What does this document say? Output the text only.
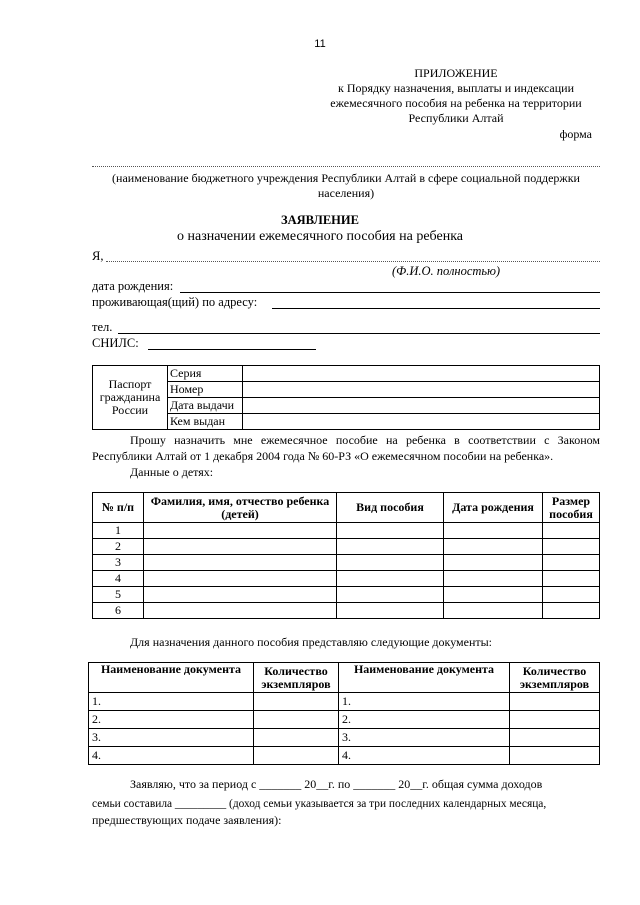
11
ПРИЛОЖЕНИЕ
к Порядку назначения, выплаты и индексации
ежемесячного пособия на ребенка на территории
Республики Алтай
форма
(наименование бюджетного учреждения Республики Алтай в сфере социальной поддержки населения)
ЗАЯВЛЕНИЕ
о назначении ежемесячного пособия на ребенка
Я,
(Ф.И.О. полностью)
дата рождения:
проживающая(щий) по адресу:
тел.
СНИЛС:
Паспорт гражданина России	Серия	
	Номер	
	Дата выдачи	
	Кем выдан	
Прошу назначить мне ежемесячное пособие на ребенка в соответствии с Законом Республики Алтай от 1 декабря 2004 года № 60-РЗ «О ежемесячном пособии на ребенка».
Данные о детях:
№ п/п	Фамилия, имя, отчество ребенка (детей)	Вид пособия	Дата рождения	Размер пособия
1				
2				
3				
4				
5				
6				
Для назначения данного пособия представляю следующие документы:
Наименование документа	Количество экземпляров	Наименование документа	Количество экземпляров
1.		1.	
2.		2.	
3.		3.	
4.		4.	
Заявляю, что за период с _______ 20__г. по _______ 20__г. общая сумма доходов
семьи составила _________ (доход семьи указывается за три последних календарных месяца,
предшествующих подаче заявления):
